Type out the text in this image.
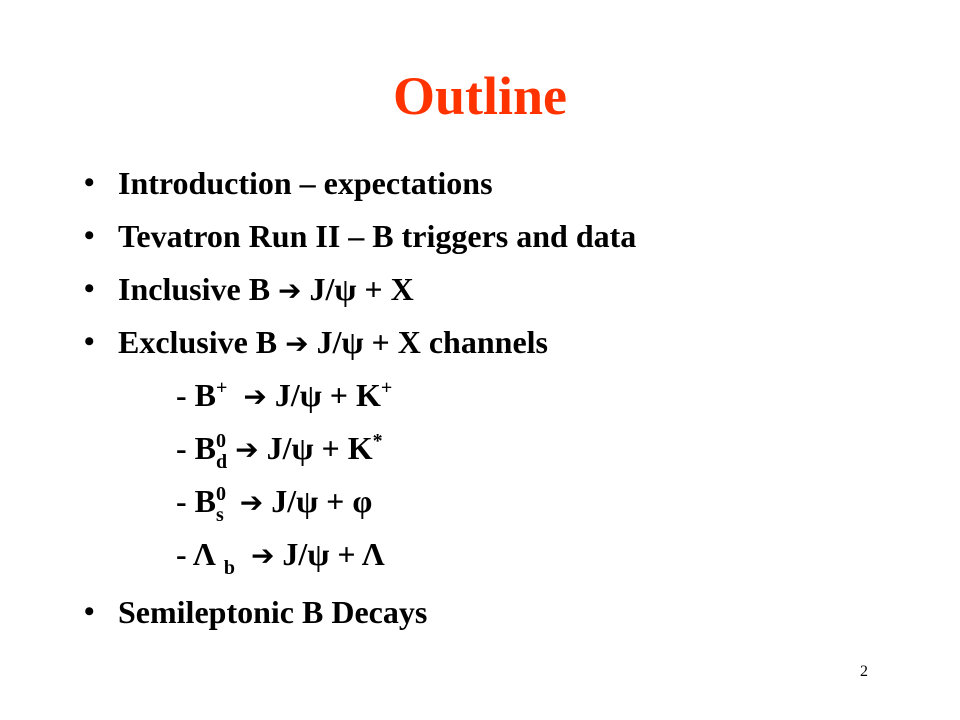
Outline
• Introduction – expectations
• Tevatron Run II – B triggers and data
• Inclusive B ➔ J/ψ + X
• Exclusive B ➔ J/ψ + X channels
- B+ ➔ J/ψ + K+
- $B^0_d$ ➔ J/ψ + K*
- $B^0_s$ ➔ J/ψ + φ
- Λ $_b$ ➔ J/ψ + Λ
• Semileptonic B Decays
2
